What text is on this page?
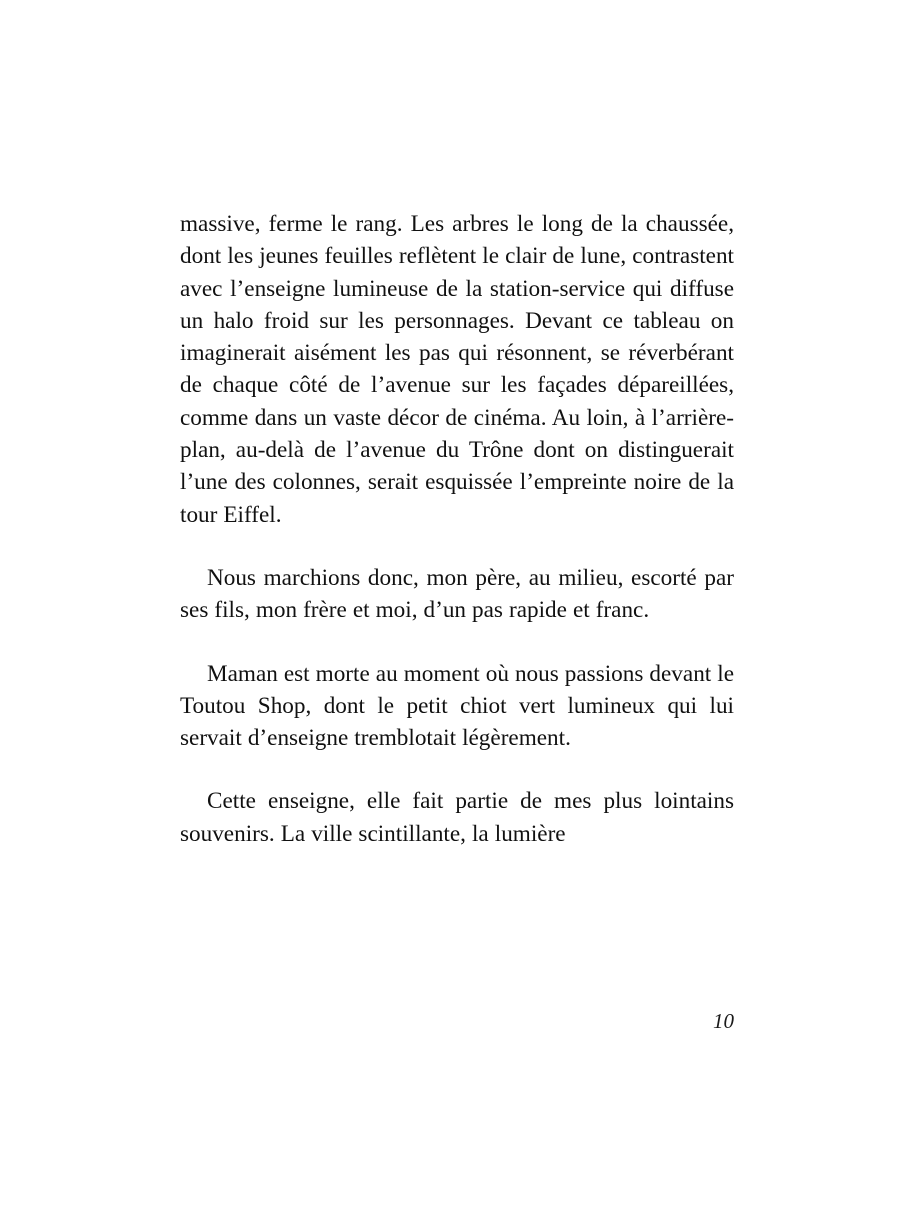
massive, ferme le rang. Les arbres le long de la chaussée, dont les jeunes feuilles reflètent le clair de lune, contrastent avec l’enseigne lumineuse de la station-service qui diffuse un halo froid sur les personnages. Devant ce tableau on imaginerait aisément les pas qui résonnent, se réverbérant de chaque côté de l’avenue sur les façades dépareillées, comme dans un vaste décor de cinéma. Au loin, à l’arrière-plan, au-delà de l’avenue du Trône dont on distinguerait l’une des colonnes, serait esquissée l’empreinte noire de la tour Eiffel.

Nous marchions donc, mon père, au milieu, escorté par ses fils, mon frère et moi, d’un pas rapide et franc.

Maman est morte au moment où nous passions devant le Toutou Shop, dont le petit chiot vert lumineux qui lui servait d’enseigne tremblotait légèrement.

Cette enseigne, elle fait partie de mes plus lointains souvenirs. La ville scintillante, la lumière

10
